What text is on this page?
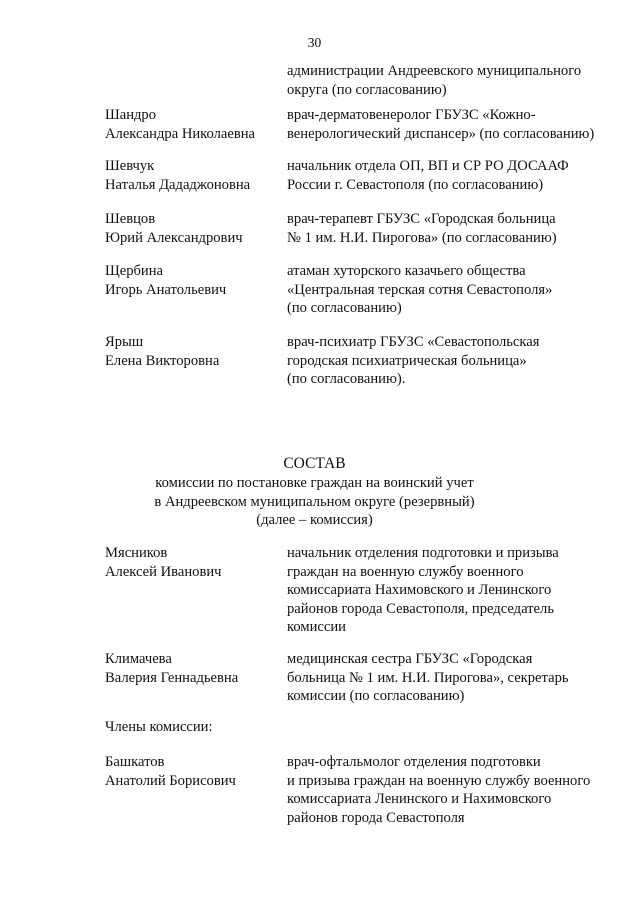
30
администрации Андреевского муниципального
округа (по согласованию)
Шандро
Александра Николаевна
врач-дерматовенеролог ГБУЗС «Кожно-
венерологический диспансер» (по согласованию)
Шевчук
Наталья Дададжоновна
начальник отдела ОП, ВП и СР РО ДОСААФ
России г. Севастополя (по согласованию)
Шевцов
Юрий Александрович
врач-терапевт ГБУЗС «Городская больница
№ 1 им. Н.И. Пирогова» (по согласованию)
Щербина
Игорь Анатольевич
атаман хуторского казачьего общества
«Центральная терская сотня Севастополя»
(по согласованию)
Ярыш
Елена Викторовна
врач-психиатр ГБУЗС «Севастопольская
городская психиатрическая больница»
(по согласованию).
СОСТАВ
комиссии по постановке граждан на воинский учет
в Андреевском муниципальном округе (резервный)
(далее – комиссия)
Мясников
Алексей Иванович
начальник отделения подготовки и призыва
граждан на военную службу военного
комиссариата Нахимовского и Ленинского
районов города Севастополя, председатель
комиссии
Климачева
Валерия Геннадьевна
медицинская сестра ГБУЗС «Городская
больница № 1 им. Н.И. Пирогова», секретарь
комиссии (по согласованию)
Члены комиссии:
Башкатов
Анатолий Борисович
врач-офтальмолог отделения подготовки
и призыва граждан на военную службу военного
комиссариата Ленинского и Нахимовского
районов города Севастополя
